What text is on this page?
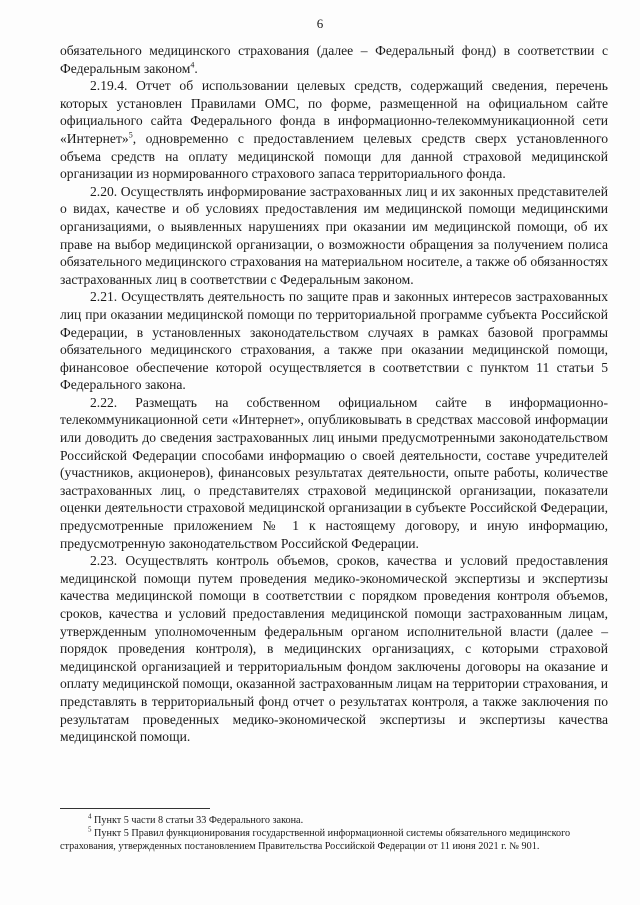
6

обязательного медицинского страхования (далее – Федеральный фонд) в соответствии с Федеральным законом$^4$.

2.19.4. Отчет об использовании целевых средств, содержащий сведения, перечень которых установлен Правилами ОМС, по форме, размещенной на официальном сайте официального сайта Федерального фонда в информационно-телекоммуникационной сети «Интернет»$^5$, одновременно с предоставлением целевых средств сверх установленного объема средств на оплату медицинской помощи для данной страховой медицинской организации из нормированного страхового запаса территориального фонда.

2.20. Осуществлять информирование застрахованных лиц и их законных представителей о видах, качестве и об условиях предоставления им медицинской помощи медицинскими организациями, о выявленных нарушениях при оказании им медицинской помощи, об их праве на выбор медицинской организации, о возможности обращения за получением полиса обязательного медицинского страхования на материальном носителе, а также об обязанностях застрахованных лиц в соответствии с Федеральным законом.

2.21. Осуществлять деятельность по защите прав и законных интересов застрахованных лиц при оказании медицинской помощи по территориальной программе субъекта Российской Федерации, в установленных законодательством случаях в рамках базовой программы обязательного медицинского страхования, а также при оказании медицинской помощи, финансовое обеспечение которой осуществляется в соответствии с пунктом 11 статьи 5 Федерального закона.

2.22. Размещать на собственном официальном сайте в информационно-телекоммуникационной сети «Интернет», опубликовывать в средствах массовой информации или доводить до сведения застрахованных лиц иными предусмотренными законодательством Российской Федерации способами информацию о своей деятельности, составе учредителей (участников, акционеров), финансовых результатах деятельности, опыте работы, количестве застрахованных лиц, о представителях страховой медицинской организации, показатели оценки деятельности страховой медицинской организации в субъекте Российской Федерации, предусмотренные приложением № 1 к настоящему договору, и иную информацию, предусмотренную законодательством Российской Федерации.

2.23. Осуществлять контроль объемов, сроков, качества и условий предоставления медицинской помощи путем проведения медико-экономической экспертизы и экспертизы качества медицинской помощи в соответствии с порядком проведения контроля объемов, сроков, качества и условий предоставления медицинской помощи застрахованным лицам, утвержденным уполномоченным федеральным органом исполнительной власти (далее – порядок проведения контроля), в медицинских организациях, с которыми страховой медицинской организацией и территориальным фондом заключены договоры на оказание и оплату медицинской помощи, оказанной застрахованным лицам на территории страхования, и представлять в территориальный фонд отчет о результатах контроля, а также заключения по результатам проведенных медико-экономической экспертизы и экспертизы качества медицинской помощи.

$^4$ Пункт 5 части 8 статьи 33 Федерального закона.

$^5$ Пункт 5 Правил функционирования государственной информационной системы обязательного медицинского страхования, утвержденных постановлением Правительства Российской Федерации от 11 июня 2021 г. № 901.
